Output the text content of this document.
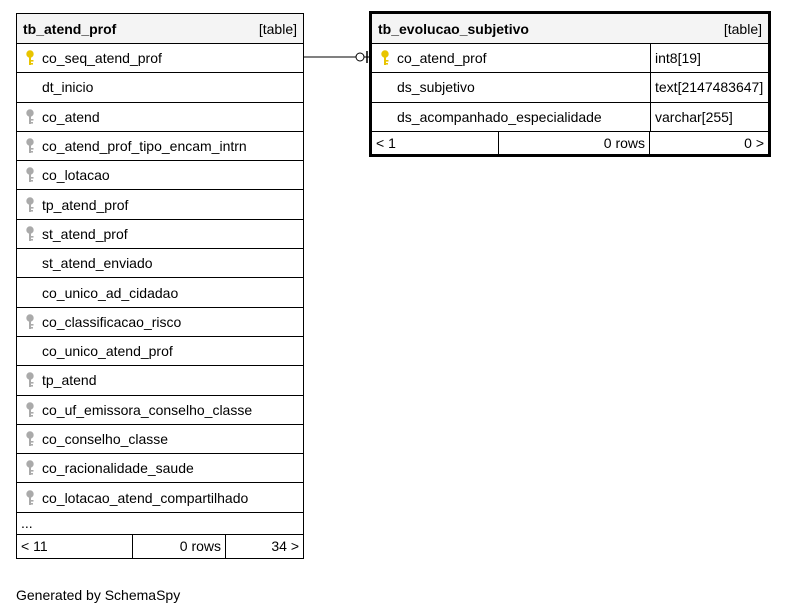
tb_atend_prof	[table]
co_seq_atend_prof
dt_inicio
co_atend
co_atend_prof_tipo_encam_intrn
co_lotacao
tp_atend_prof
st_atend_prof
st_atend_enviado
co_unico_ad_cidadao
co_classificacao_risco
co_unico_atend_prof
tp_atend
co_uf_emissora_conselho_classe
co_conselho_classe
co_racionalidade_saude
co_lotacao_atend_compartilhado
...
< 11	0 rows	34 >
tb_evolucao_subjetivo	[table]
co_atend_prof	int8[19]
ds_subjetivo	text[2147483647]
ds_acompanhado_especialidade	varchar[255]
< 1	0 rows	0 >
Generated by SchemaSpy
